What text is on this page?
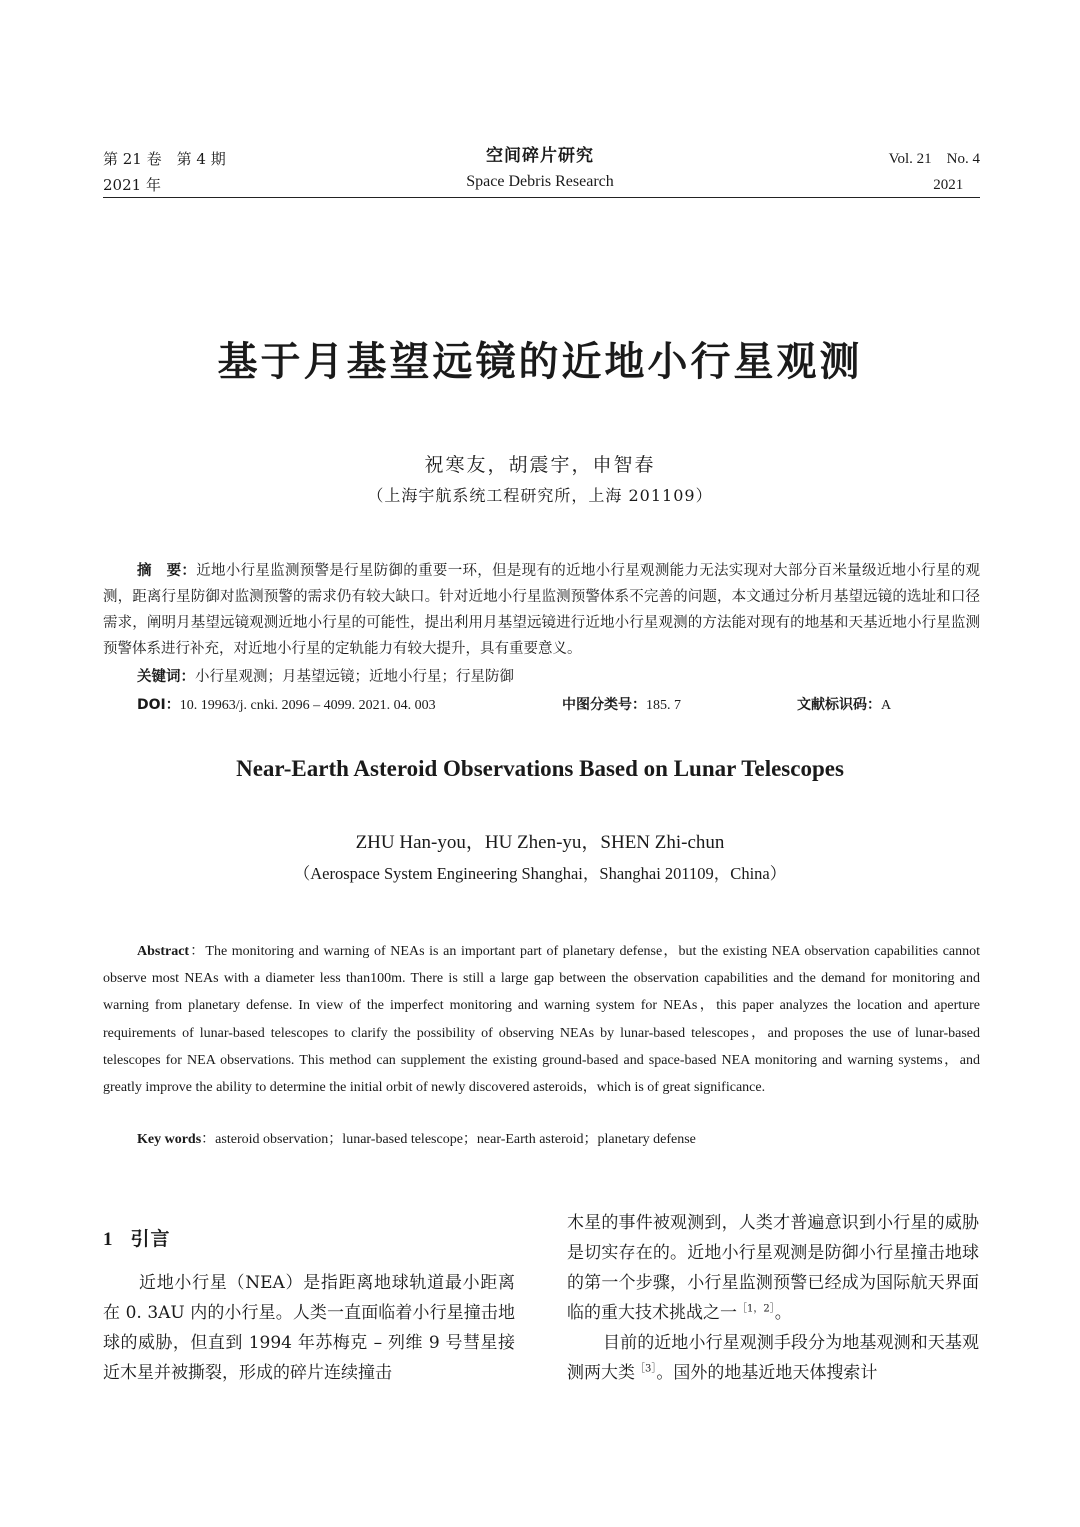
第 21 卷　第 4 期
2021 年
空间碎片研究
Space Debris Research
Vol. 21　No. 4
2021
基于月基望远镜的近地小行星观测
祝寒友，胡震宇，申智春
（上海宇航系统工程研究所，上海 201109）
摘　要：近地小行星监测预警是行星防御的重要一环，但是现有的近地小行星观测能力无法实现对大部分百米量级近地小行星的观测，距离行星防御对监测预警的需求仍有较大缺口。针对近地小行星监测预警体系不完善的问题，本文通过分析月基望远镜的选址和口径需求，阐明月基望远镜观测近地小行星的可能性，提出利用月基望远镜进行近地小行星观测的方法能对现有的地基和天基近地小行星监测预警体系进行补充，对近地小行星的定轨能力有较大提升，具有重要意义。
关键词：小行星观测；月基望远镜；近地小行星；行星防御
DOI：10. 19963/j. cnki. 2096 – 4099. 2021. 04. 003	中图分类号：185. 7	文献标识码：A
Near-Earth Asteroid Observations Based on Lunar Telescopes
ZHU Han-you，HU Zhen-yu，SHEN Zhi-chun
（Aerospace System Engineering Shanghai，Shanghai 201109，China）
Abstract：The monitoring and warning of NEAs is an important part of planetary defense，but the existing NEA observation capabilities cannot observe most NEAs with a diameter less than100m. There is still a large gap between the observation capabilities and the demand for monitoring and warning from planetary defense. In view of the imperfect monitoring and warning system for NEAs，this paper analyzes the location and aperture requirements of lunar-based telescopes to clarify the possibility of observing NEAs by lunar-based telescopes，and proposes the use of lunar-based telescopes for NEA observations. This method can supplement the existing ground-based and space-based NEA monitoring and warning systems，and greatly improve the ability to determine the initial orbit of newly discovered asteroids，which is of great significance.
Key words：asteroid observation；lunar-based telescope；near-Earth asteroid；planetary defense
1 引言

近地小行星（NEA）是指距离地球轨道最小距离在 0. 3AU 内的小行星。人类一直面临着小行星撞击地球的威胁，但直到 1994 年苏梅克 – 列维 9 号彗星接近木星并被撕裂，形成的碎片连续撞击

木星的事件被观测到，人类才普遍意识到小行星的威胁是切实存在的。近地小行星观测是防御小行星撞击地球的第一个步骤，小行星监测预警已经成为国际航天界面临的重大技术挑战之一$^{[1,2]}$。

目前的近地小行星观测手段分为地基观测和天基观测两大类$^{[3]}$。国外的地基近地天体搜索计
